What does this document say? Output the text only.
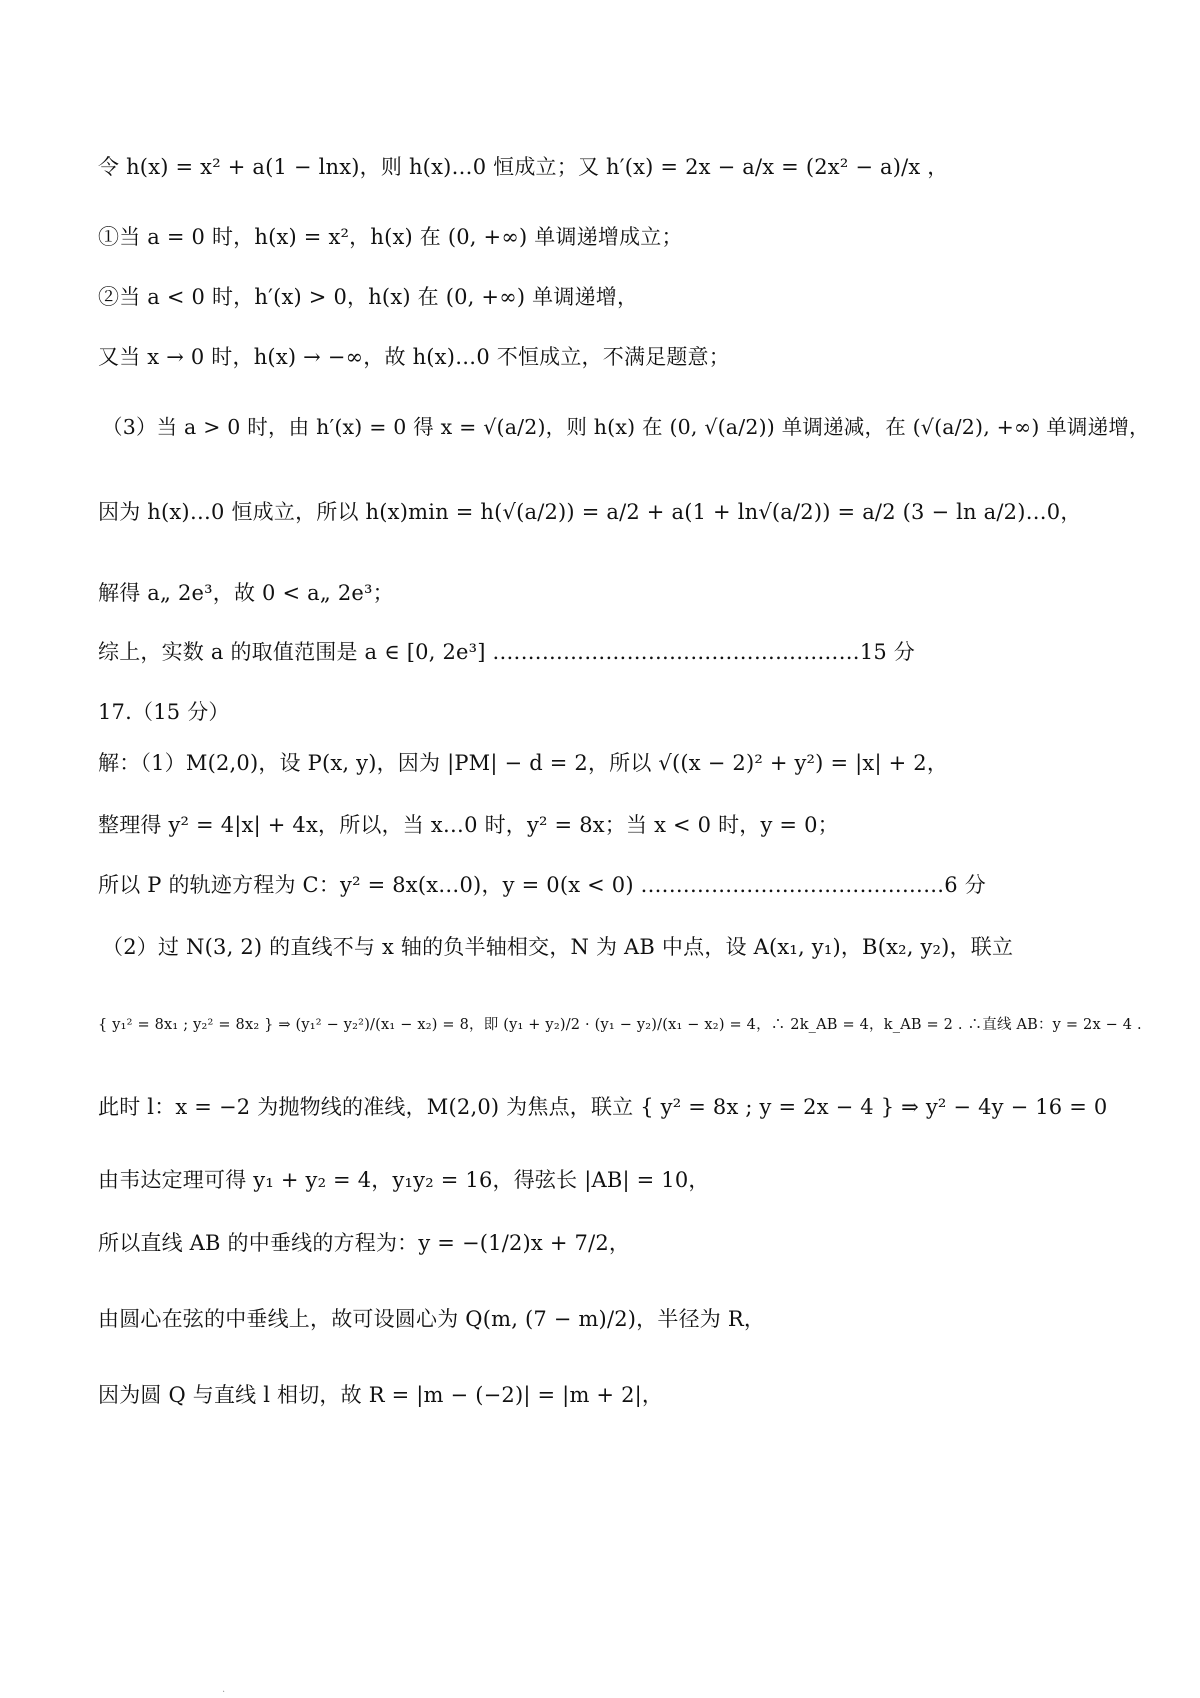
令 h(x) = x² + a(1 − lnx)，则 h(x)…0 恒成立；又 h′(x) = 2x − a/x = (2x² − a)/x ，
①当 a = 0 时，h(x) = x²，h(x) 在 (0, +∞) 单调递增成立；
②当 a < 0 时，h′(x) > 0，h(x) 在 (0, +∞) 单调递增，
又当 x → 0 时，h(x) → −∞，故 h(x)…0 不恒成立，不满足题意；
（3）当 a > 0 时，由 h′(x) = 0 得 x = √(a/2)，则 h(x) 在 (0, √(a/2)) 单调递减，在 (√(a/2), +∞) 单调递增，
因为 h(x)…0 恒成立，所以 h(x)min = h(√(a/2)) = a/2 + a(1 + ln√(a/2)) = a/2 (3 − ln a/2)…0，
解得 a„ 2e³，故 0 < a„ 2e³；
综上，实数 a 的取值范围是 a ∈ [0, 2e³] .……………………………………………15 分
17.（15 分）
解：（1）M(2,0)，设 P(x, y)，因为 |PM| − d = 2，所以 √((x − 2)² + y²) = |x| + 2，
整理得 y² = 4|x| + 4x，所以，当 x…0 时，y² = 8x；当 x < 0 时，y = 0；
所以 P 的轨迹方程为 C：y² = 8x(x…0)，y = 0(x < 0) .……………………………………6 分
（2）过 N(3, 2) 的直线不与 x 轴的负半轴相交，N 为 AB 中点，设 A(x₁, y₁)，B(x₂, y₂)，联立
{ y₁² = 8x₁ ; y₂² = 8x₂ } ⇒ (y₁² − y₂²)/(x₁ − x₂) = 8，即 (y₁ + y₂)/2 · (y₁ − y₂)/(x₁ − x₂) = 4，∴ 2k_AB = 4，k_AB = 2 . ∴直线 AB：y = 2x − 4 .
此时 l：x = −2 为抛物线的准线，M(2,0) 为焦点，联立 { y² = 8x ; y = 2x − 4 } ⇒ y² − 4y − 16 = 0
由韦达定理可得 y₁ + y₂ = 4，y₁y₂ = 16，得弦长 |AB| = 10，
所以直线 AB 的中垂线的方程为：y = −(1/2)x + 7/2，
由圆心在弦的中垂线上，故可设圆心为 Q(m, (7 − m)/2)，半径为 R，
因为圆 Q 与直线 l 相切，故 R = |m − (−2)| = |m + 2|，
.
